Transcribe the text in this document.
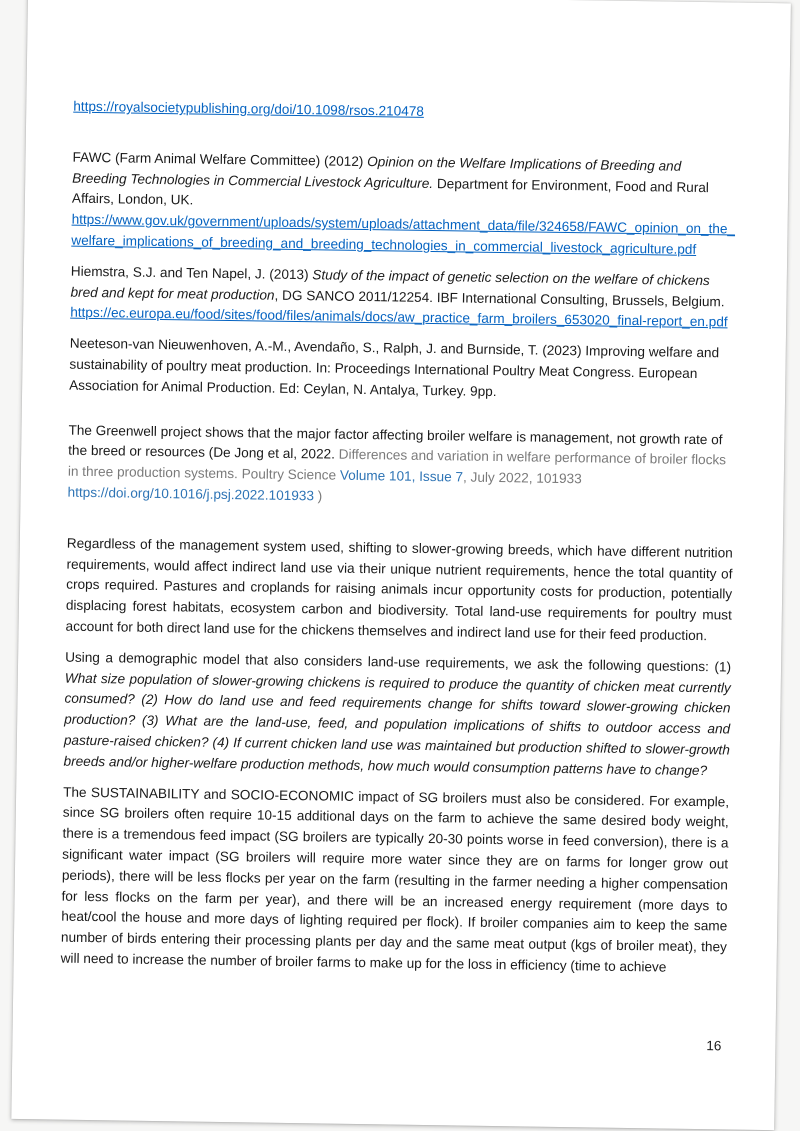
https://royalsocietypublishing.org/doi/10.1098/rsos.210478

FAWC (Farm Animal Welfare Committee) (2012) Opinion on the Welfare Implications of Breeding and Breeding Technologies in Commercial Livestock Agriculture. Department for Environment, Food and Rural Affairs, London, UK. https://www.gov.uk/government/uploads/system/uploads/attachment_data/file/324658/FAWC_opinion_on_the_welfare_implications_of_breeding_and_breeding_technologies_in_commercial_livestock_agriculture.pdf

Hiemstra, S.J. and Ten Napel, J. (2013) Study of the impact of genetic selection on the welfare of chickens bred and kept for meat production, DG SANCO 2011/12254. IBF International Consulting, Brussels, Belgium. https://ec.europa.eu/food/sites/food/files/animals/docs/aw_practice_farm_broilers_653020_final-report_en.pdf

Neeteson-van Nieuwenhoven, A.-M., Avendaño, S., Ralph, J. and Burnside, T. (2023) Improving welfare and sustainability of poultry meat production. In: Proceedings International Poultry Meat Congress. European Association for Animal Production. Ed: Ceylan, N. Antalya, Turkey. 9pp.

The Greenwell project shows that the major factor affecting broiler welfare is management, not growth rate of the breed or resources (De Jong et al, 2022. Differences and variation in welfare performance of broiler flocks in three production systems. Poultry Science Volume 101, Issue 7, July 2022, 101933 https://doi.org/10.1016/j.psj.2022.101933 )

Regardless of the management system used, shifting to slower-growing breeds, which have different nutrition requirements, would affect indirect land use via their unique nutrient requirements, hence the total quantity of crops required. Pastures and croplands for raising animals incur opportunity costs for production, potentially displacing forest habitats, ecosystem carbon and biodiversity. Total land-use requirements for poultry must account for both direct land use for the chickens themselves and indirect land use for their feed production.

Using a demographic model that also considers land-use requirements, we ask the following questions: (1) What size population of slower-growing chickens is required to produce the quantity of chicken meat currently consumed? (2) How do land use and feed requirements change for shifts toward slower-growing chicken production? (3) What are the land-use, feed, and population implications of shifts to outdoor access and pasture-raised chicken? (4) If current chicken land use was maintained but production shifted to slower-growth breeds and/or higher-welfare production methods, how much would consumption patterns have to change?

The SUSTAINABILITY and SOCIO-ECONOMIC impact of SG broilers must also be considered. For example, since SG broilers often require 10-15 additional days on the farm to achieve the same desired body weight, there is a tremendous feed impact (SG broilers are typically 20-30 points worse in feed conversion), there is a significant water impact (SG broilers will require more water since they are on farms for longer grow out periods), there will be less flocks per year on the farm (resulting in the farmer needing a higher compensation for less flocks on the farm per year), and there will be an increased energy requirement (more days to heat/cool the house and more days of lighting required per flock). If broiler companies aim to keep the same number of birds entering their processing plants per day and the same meat output (kgs of broiler meat), they will need to increase the number of broiler farms to make up for the loss in efficiency (time to achieve

16
